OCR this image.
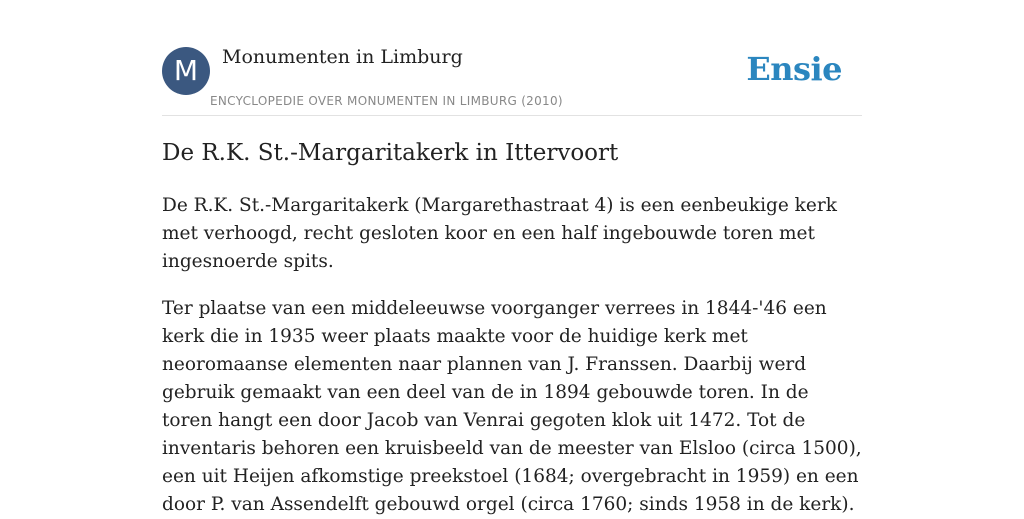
M	Monumenten in Limburg
ENCYCLOPEDIE OVER MONUMENTEN IN LIMBURG (2010)
Ensie
De R.K. St.-Margaritakerk in Ittervoort

De R.K. St.-Margaritakerk (Margarethastraat 4) is een eenbeukige kerk met verhoogd, recht gesloten koor en een half ingebouwde toren met ingesnoerde spits.

Ter plaatse van een middeleeuwse voorganger verrees in 1844-'46 een kerk die in 1935 weer plaats maakte voor de huidige kerk met neoromaanse elementen naar plannen van J. Franssen. Daarbij werd gebruik gemaakt van een deel van de in 1894 gebouwde toren. In de toren hangt een door Jacob van Venrai gegoten klok uit 1472. Tot de inventaris behoren een kruisbeeld van de meester van Elsloo (circa 1500), een uit Heijen afkomstige preekstoel (1684; overgebracht in 1959) en een door P. van Assendelft gebouwd orgel (circa 1760; sinds 1958 in de kerk).
